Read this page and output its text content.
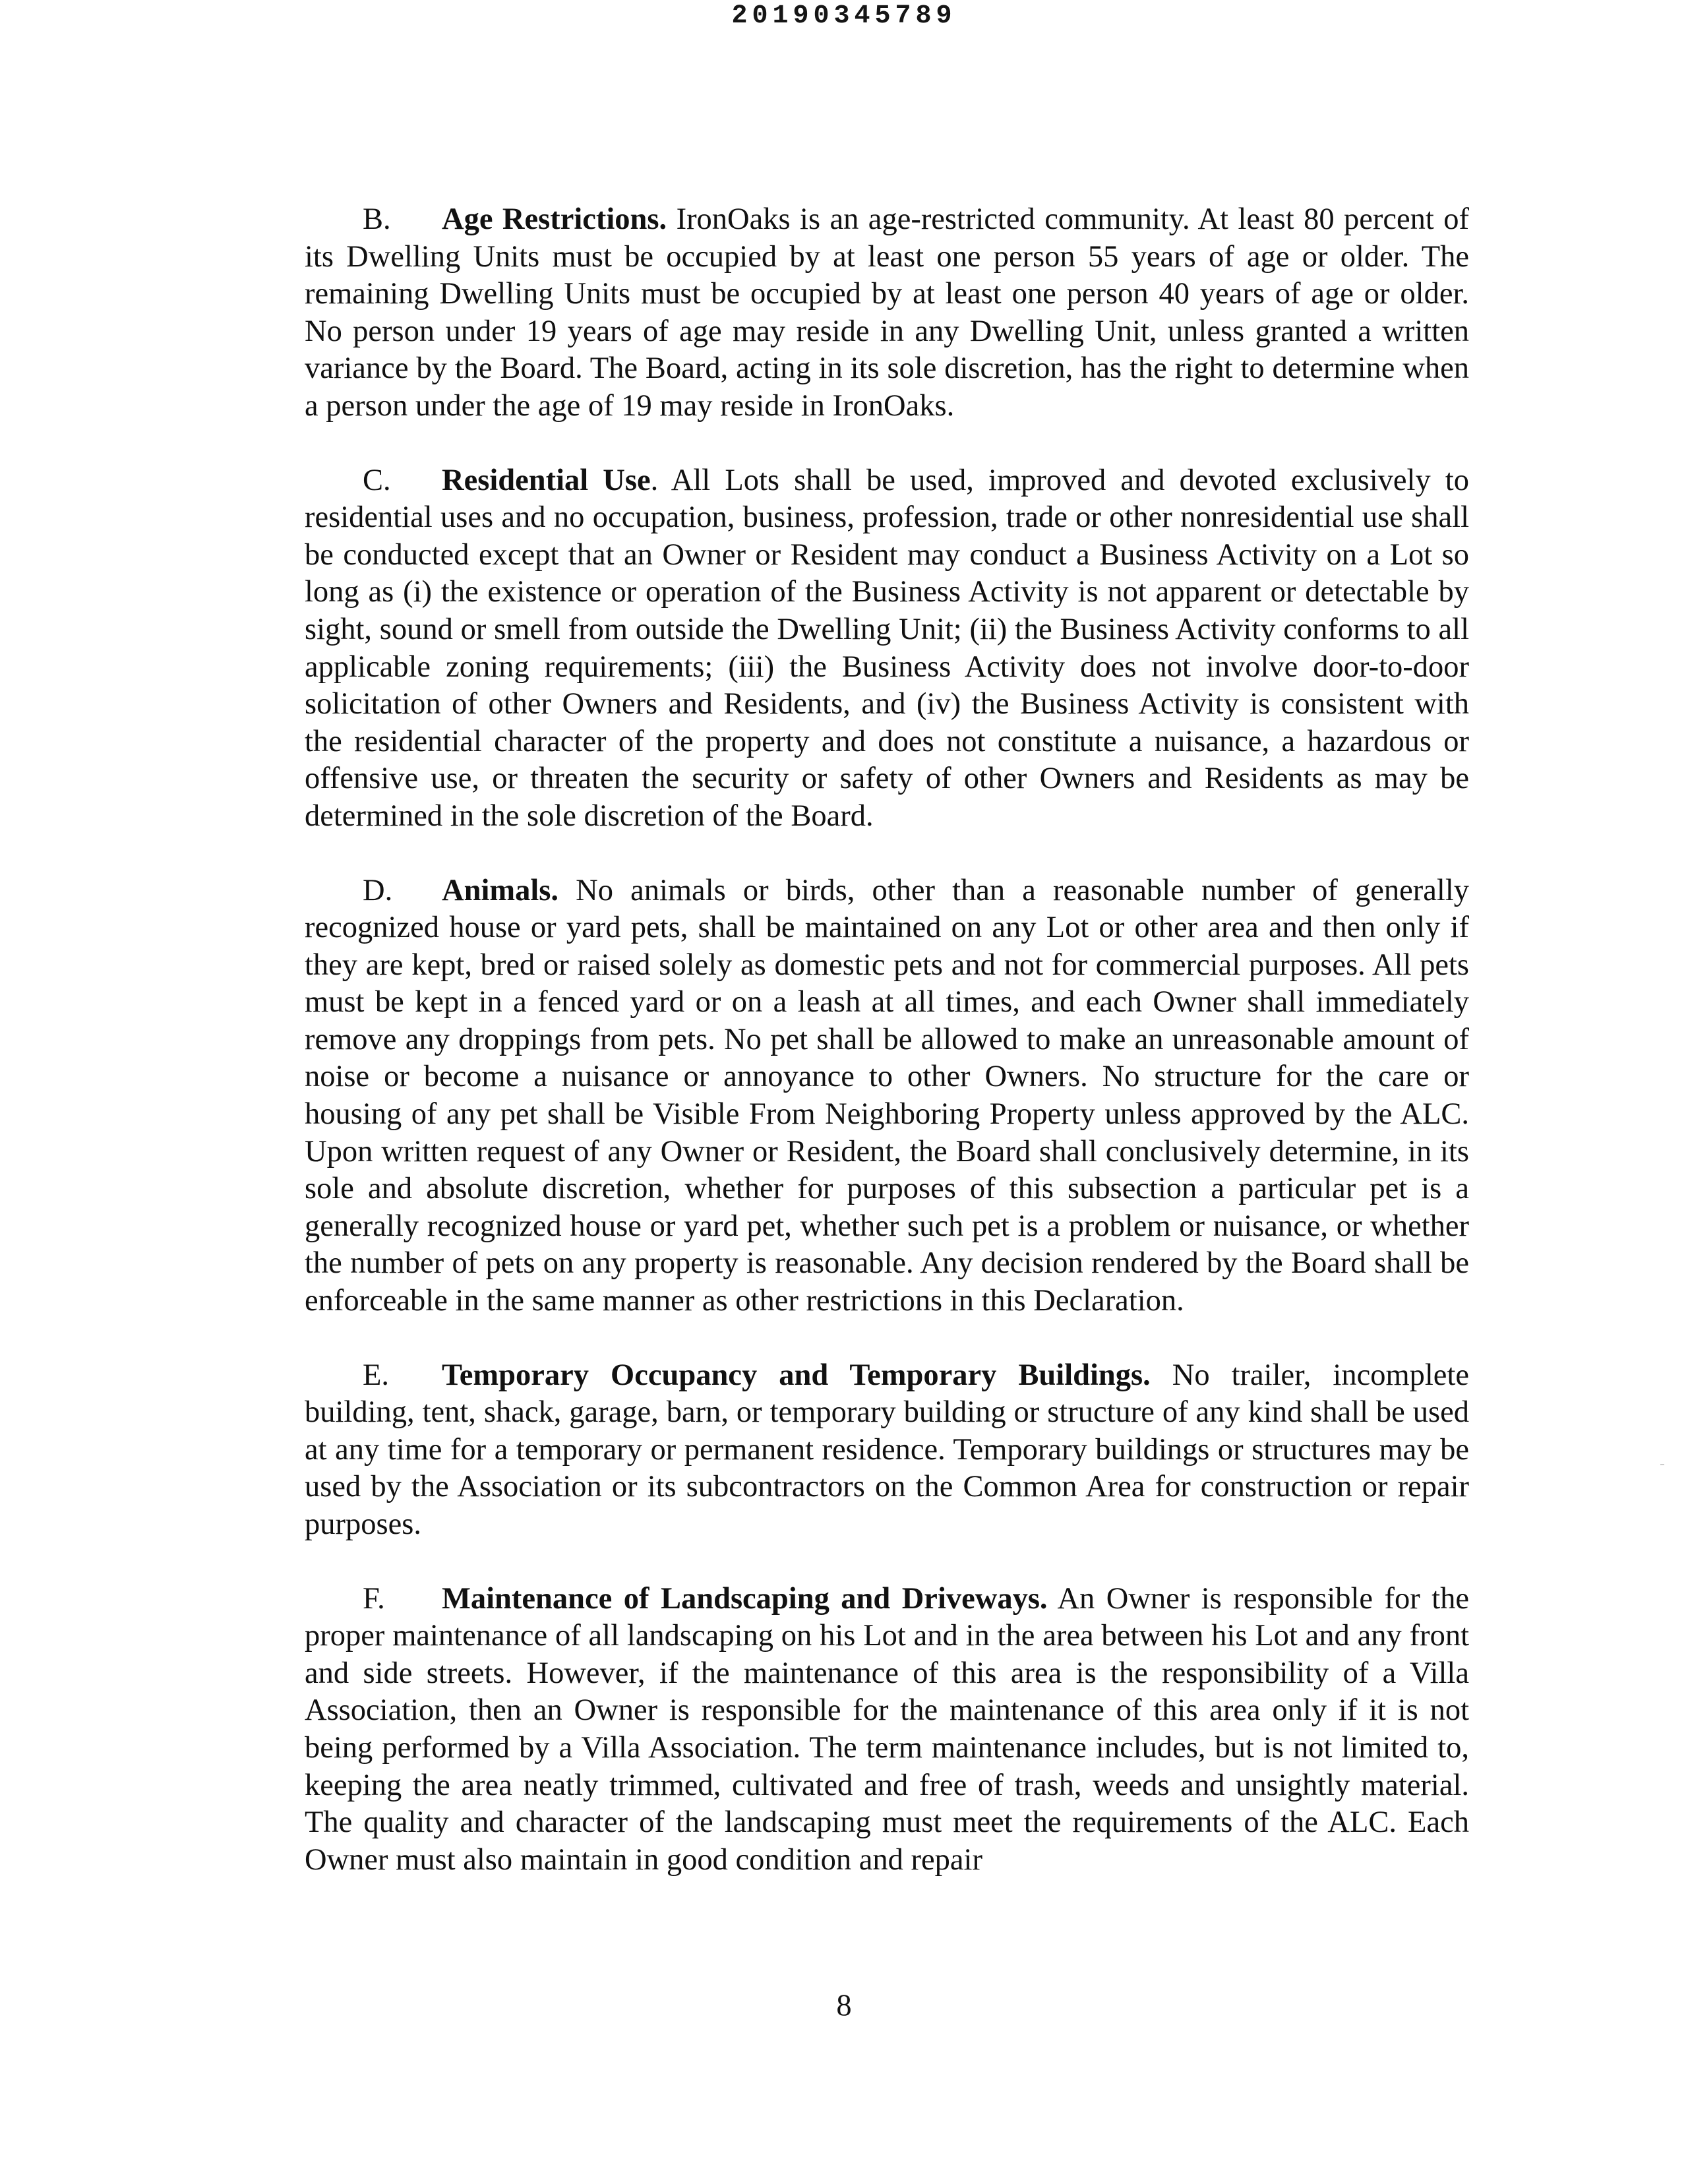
20190345789

B. Age Restrictions. IronOaks is an age-restricted community. At least 80 percent of its Dwelling Units must be occupied by at least one person 55 years of age or older. The remaining Dwelling Units must be occupied by at least one person 40 years of age or older. No person under 19 years of age may reside in any Dwelling Unit, unless granted a written variance by the Board. The Board, acting in its sole discretion, has the right to determine when a person under the age of 19 may reside in IronOaks.

C. Residential Use. All Lots shall be used, improved and devoted exclusively to residential uses and no occupation, business, profession, trade or other nonresidential use shall be conducted except that an Owner or Resident may conduct a Business Activity on a Lot so long as (i) the existence or operation of the Business Activity is not apparent or detectable by sight, sound or smell from outside the Dwelling Unit; (ii) the Business Activity conforms to all applicable zoning requirements; (iii) the Business Activity does not involve door-to-door solicitation of other Owners and Residents, and (iv) the Business Activity is consistent with the residential character of the property and does not constitute a nuisance, a hazardous or offensive use, or threaten the security or safety of other Owners and Residents as may be determined in the sole discretion of the Board.

D. Animals. No animals or birds, other than a reasonable number of generally recognized house or yard pets, shall be maintained on any Lot or other area and then only if they are kept, bred or raised solely as domestic pets and not for commercial purposes. All pets must be kept in a fenced yard or on a leash at all times, and each Owner shall immediately remove any droppings from pets. No pet shall be allowed to make an unreasonable amount of noise or become a nuisance or annoyance to other Owners. No structure for the care or housing of any pet shall be Visible From Neighboring Property unless approved by the ALC. Upon written request of any Owner or Resident, the Board shall conclusively determine, in its sole and absolute discretion, whether for purposes of this subsection a particular pet is a generally recognized house or yard pet, whether such pet is a problem or nuisance, or whether the number of pets on any property is reasonable. Any decision rendered by the Board shall be enforceable in the same manner as other restrictions in this Declaration.

E. Temporary Occupancy and Temporary Buildings. No trailer, incomplete building, tent, shack, garage, barn, or temporary building or structure of any kind shall be used at any time for a temporary or permanent residence. Temporary buildings or structures may be used by the Association or its subcontractors on the Common Area for construction or repair purposes.

F. Maintenance of Landscaping and Driveways. An Owner is responsible for the proper maintenance of all landscaping on his Lot and in the area between his Lot and any front and side streets. However, if the maintenance of this area is the responsibility of a Villa Association, then an Owner is responsible for the maintenance of this area only if it is not being performed by a Villa Association. The term maintenance includes, but is not limited to, keeping the area neatly trimmed, cultivated and free of trash, weeds and unsightly material. The quality and character of the landscaping must meet the requirements of the ALC. Each Owner must also maintain in good condition and repair

8
